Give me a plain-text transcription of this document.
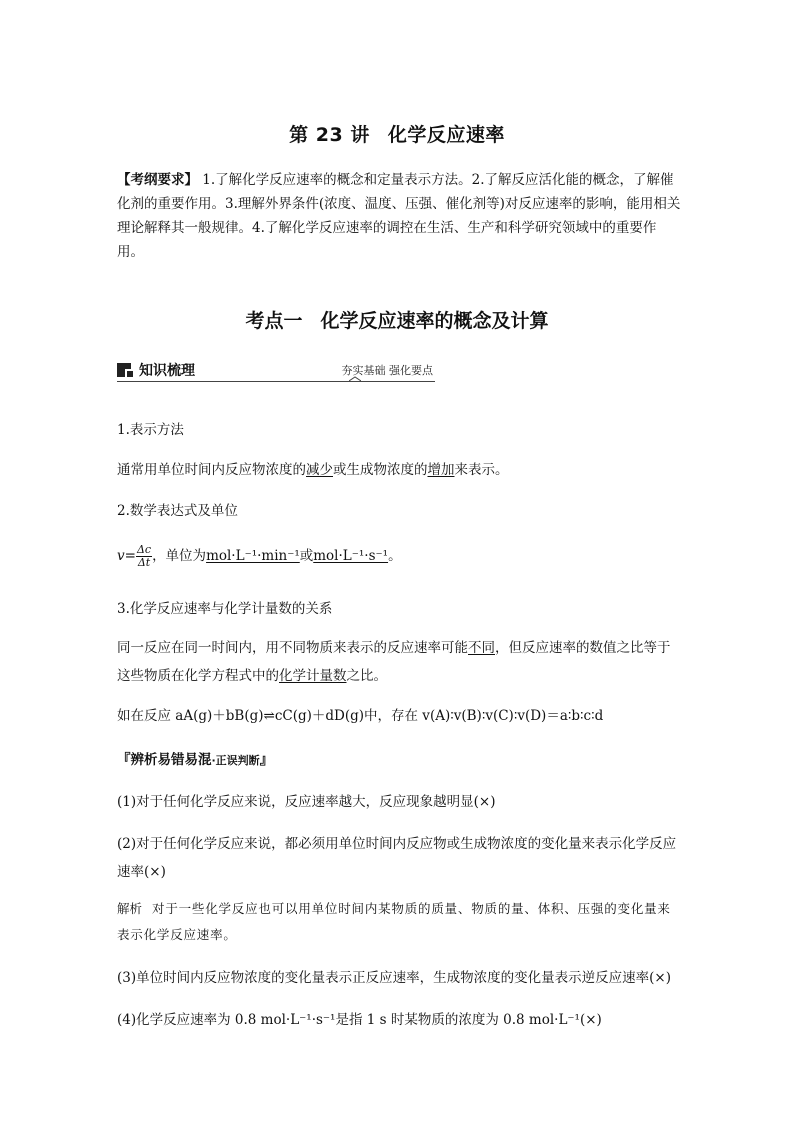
第 23 讲 化学反应速率
【考纲要求】 1.了解化学反应速率的概念和定量表示方法。2.了解反应活化能的概念，了解催化剂的重要作用。3.理解外界条件(浓度、温度、压强、催化剂等)对反应速率的影响，能用相关理论解释其一般规律。4.了解化学反应速率的调控在生活、生产和科学研究领域中的重要作用。
考点一 化学反应速率的概念及计算
知识梳理	夯实基础 强化要点
1.表示方法
通常用单位时间内反应物浓度的减少或生成物浓度的增加来表示。
2.数学表达式及单位
$v= \frac{\Delta c}{\Delta t}$ ，单位为mol·L⁻¹·min⁻¹或mol·L⁻¹·s⁻¹。
3.化学反应速率与化学计量数的关系
同一反应在同一时间内，用不同物质来表示的反应速率可能不同，但反应速率的数值之比等于这些物质在化学方程式中的化学计量数之比。
如在反应 aA(g)＋bB(g)⇌cC(g)＋dD(g)中，存在 v(A)∶v(B)∶v(C)∶v(D)＝a∶b∶c∶d
『辨析易错易混·正误判断』
(1)对于任何化学反应来说，反应速率越大，反应现象越明显(×)
(2)对于任何化学反应来说，都必须用单位时间内反应物或生成物浓度的变化量来表示化学反应速率(×)
解析 对于一些化学反应也可以用单位时间内某物质的质量、物质的量、体积、压强的变化量来表示化学反应速率。
(3)单位时间内反应物浓度的变化量表示正反应速率，生成物浓度的变化量表示逆反应速率(×)
(4)化学反应速率为 0.8 mol·L⁻¹·s⁻¹是指 1 s 时某物质的浓度为 0.8 mol·L⁻¹(×)
